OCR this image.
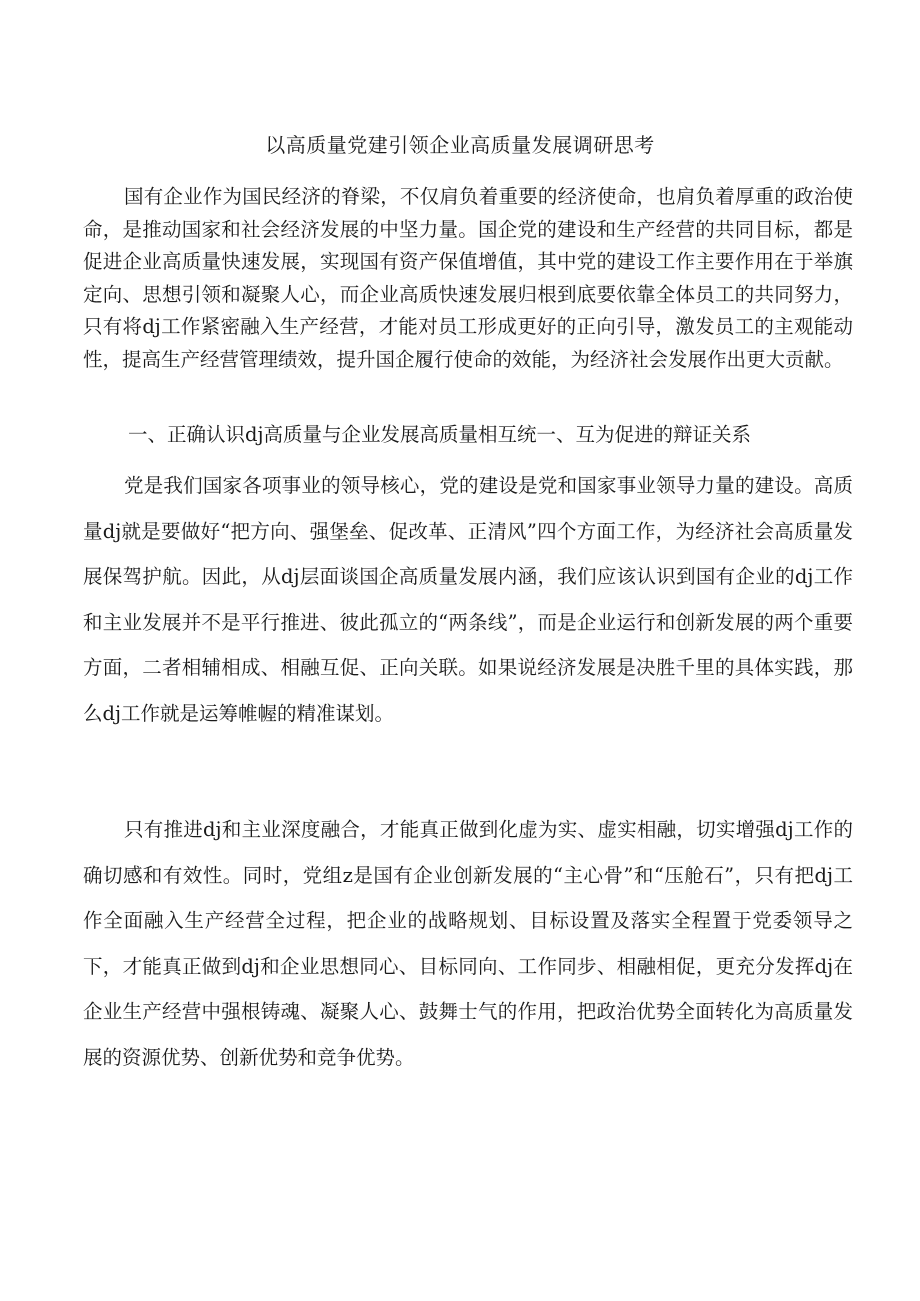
以高质量党建引领企业高质量发展调研思考

国有企业作为国民经济的脊梁，不仅肩负着重要的经济使命，也肩负着厚重的政治使命，是推动国家和社会经济发展的中坚力量。国企党的建设和生产经营的共同目标，都是促进企业高质量快速发展，实现国有资产保值增值，其中党的建设工作主要作用在于举旗定向、思想引领和凝聚人心，而企业高质快速发展归根到底要依靠全体员工的共同努力，只有将dj工作紧密融入生产经营，才能对员工形成更好的正向引导，激发员工的主观能动性，提高生产经营管理绩效，提升国企履行使命的效能，为经济社会发展作出更大贡献。

一、正确认识dj高质量与企业发展高质量相互统一、互为促进的辩证关系

党是我们国家各项事业的领导核心，党的建设是党和国家事业领导力量的建设。高质量dj就是要做好“把方向、强堡垒、促改革、正清风”四个方面工作，为经济社会高质量发展保驾护航。因此，从dj层面谈国企高质量发展内涵，我们应该认识到国有企业的dj工作和主业发展并不是平行推进、彼此孤立的“两条线”，而是企业运行和创新发展的两个重要方面，二者相辅相成、相融互促、正向关联。如果说经济发展是决胜千里的具体实践，那么dj工作就是运筹帷幄的精准谋划。

只有推进dj和主业深度融合，才能真正做到化虚为实、虚实相融，切实增强dj工作的确切感和有效性。同时，党组z是国有企业创新发展的“主心骨”和“压舱石”，只有把dj工作全面融入生产经营全过程，把企业的战略规划、目标设置及落实全程置于党委领导之下，才能真正做到dj和企业思想同心、目标同向、工作同步、相融相促，更充分发挥dj在企业生产经营中强根铸魂、凝聚人心、鼓舞士气的作用，把政治优势全面转化为高质量发展的资源优势、创新优势和竞争优势。
